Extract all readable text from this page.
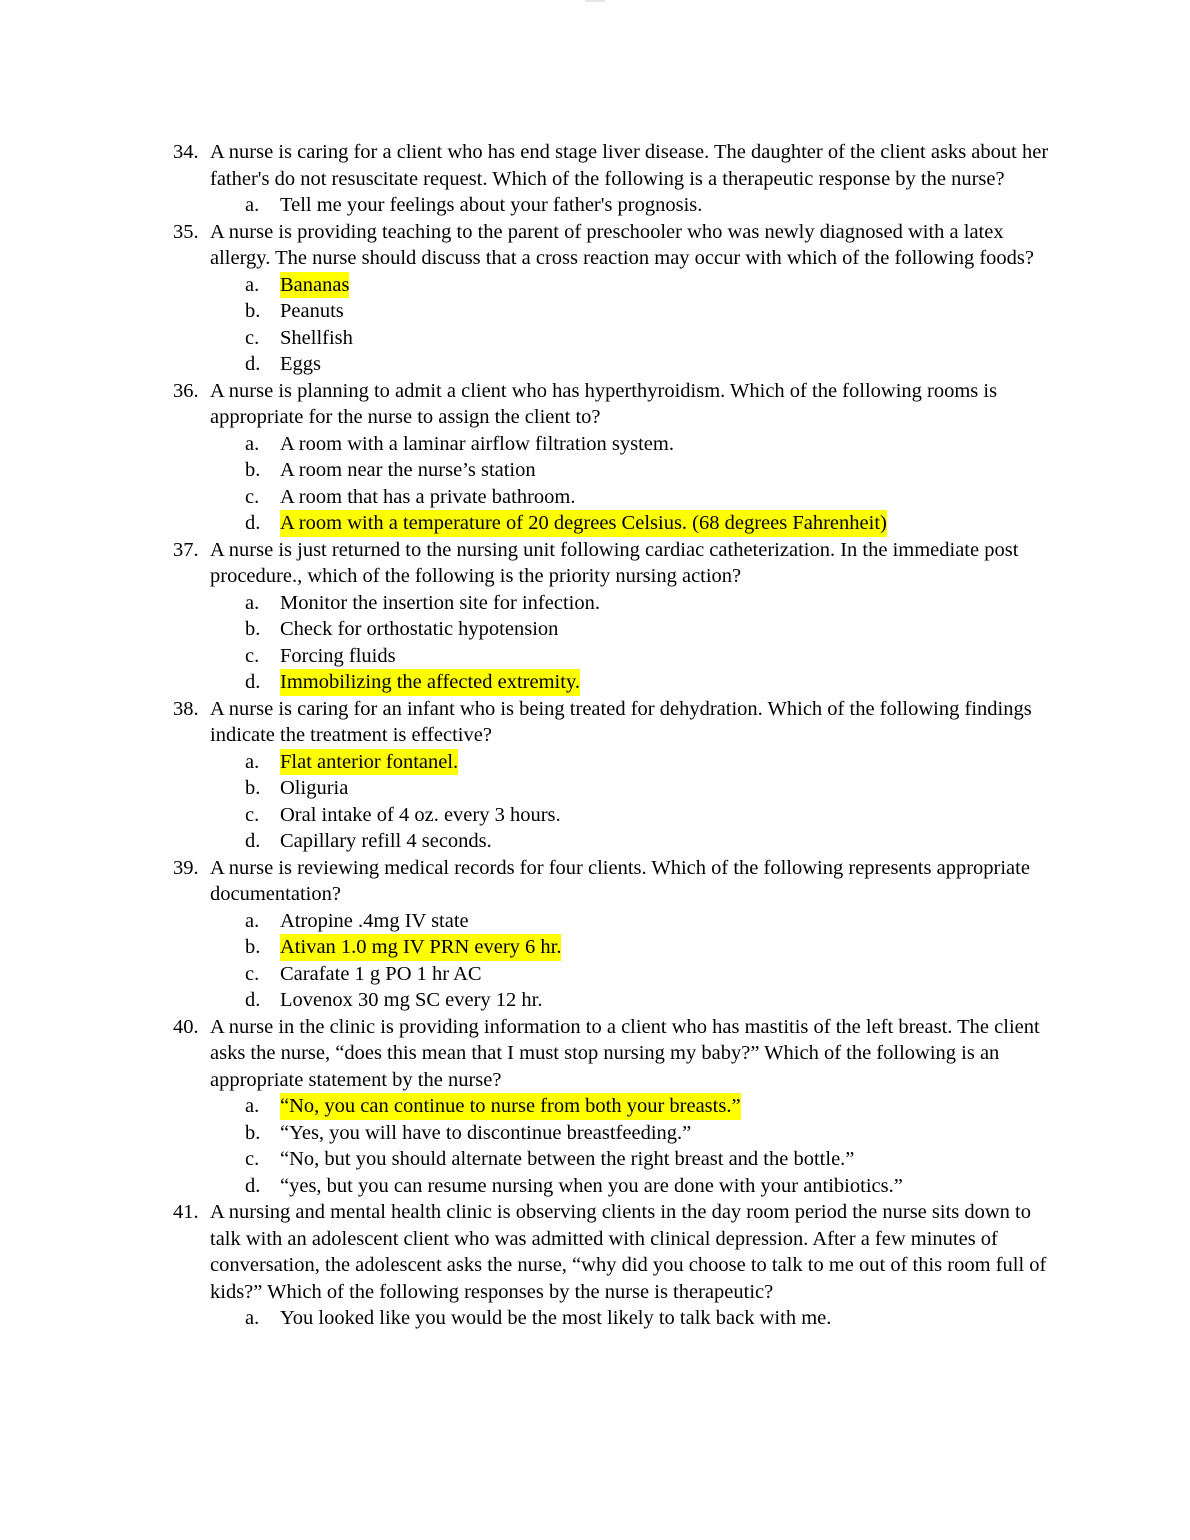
34. A nurse is caring for a client who has end stage liver disease. The daughter of the client asks about her father's do not resuscitate request. Which of the following is a therapeutic response by the nurse?
a. Tell me your feelings about your father's prognosis.
35. A nurse is providing teaching to the parent of preschooler who was newly diagnosed with a latex allergy. The nurse should discuss that a cross reaction may occur with which of the following foods?
a. Bananas
b. Peanuts
c. Shellfish
d. Eggs
36. A nurse is planning to admit a client who has hyperthyroidism. Which of the following rooms is appropriate for the nurse to assign the client to?
a. A room with a laminar airflow filtration system.
b. A room near the nurse’s station
c. A room that has a private bathroom.
d. A room with a temperature of 20 degrees Celsius. (68 degrees Fahrenheit)
37. A nurse is just returned to the nursing unit following cardiac catheterization. In the immediate post procedure., which of the following is the priority nursing action?
a. Monitor the insertion site for infection.
b. Check for orthostatic hypotension
c. Forcing fluids
d. Immobilizing the affected extremity.
38. A nurse is caring for an infant who is being treated for dehydration. Which of the following findings indicate the treatment is effective?
a. Flat anterior fontanel.
b. Oliguria
c. Oral intake of 4 oz. every 3 hours.
d. Capillary refill 4 seconds.
39. A nurse is reviewing medical records for four clients. Which of the following represents appropriate documentation?
a. Atropine .4mg IV state
b. Ativan 1.0 mg IV PRN every 6 hr.
c. Carafate 1 g PO 1 hr AC
d. Lovenox 30 mg SC every 12 hr.
40. A nurse in the clinic is providing information to a client who has mastitis of the left breast. The client asks the nurse, “does this mean that I must stop nursing my baby?” Which of the following is an appropriate statement by the nurse?
a. “No, you can continue to nurse from both your breasts.”
b. “Yes, you will have to discontinue breastfeeding.”
c. “No, but you should alternate between the right breast and the bottle.”
d. “yes, but you can resume nursing when you are done with your antibiotics.”
41. A nursing and mental health clinic is observing clients in the day room period the nurse sits down to talk with an adolescent client who was admitted with clinical depression. After a few minutes of conversation, the adolescent asks the nurse, “why did you choose to talk to me out of this room full of kids?” Which of the following responses by the nurse is therapeutic?
a. You looked like you would be the most likely to talk back with me.
